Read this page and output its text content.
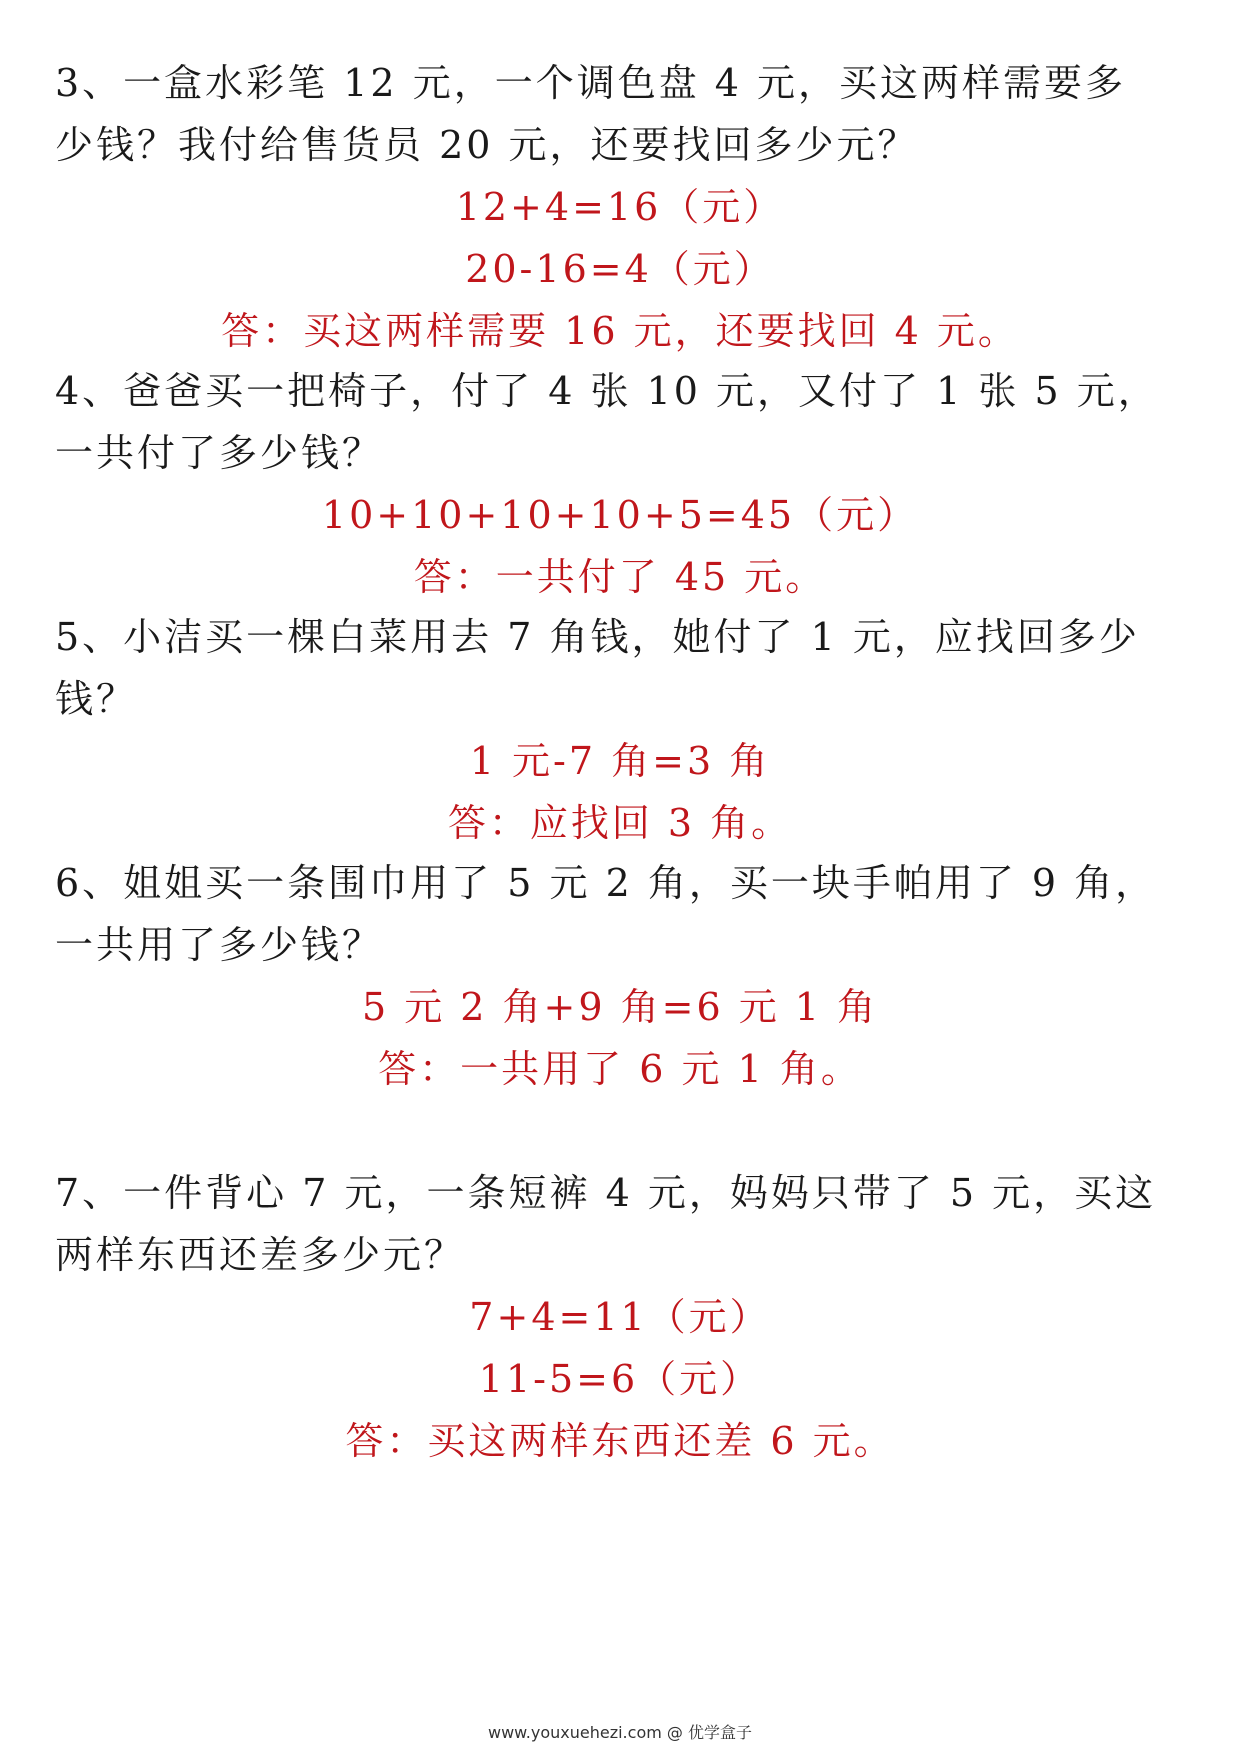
3、一盒水彩笔 12 元，一个调色盘 4 元，买这两样需要多
少钱？我付给售货员 20 元，还要找回多少元？
12+4=16（元）
20-16=4（元）
答：买这两样需要 16 元，还要找回 4 元。
4、爸爸买一把椅子，付了 4 张 10 元，又付了 1 张 5 元，
一共付了多少钱？
10+10+10+10+5=45（元）
答：一共付了 45 元。
5、小洁买一棵白菜用去 7 角钱，她付了 1 元，应找回多少
钱？
1 元-7 角=3 角
答：应找回 3 角。
6、姐姐买一条围巾用了 5 元 2 角，买一块手帕用了 9 角，
一共用了多少钱？
5 元 2 角+9 角=6 元 1 角
答：一共用了 6 元 1 角。
7、一件背心 7 元，一条短裤 4 元，妈妈只带了 5 元，买这
两样东西还差多少元？
7+4=11（元）
11-5=6（元）
答：买这两样东西还差 6 元。
www.youxuehezi.com @ 优学盒子
